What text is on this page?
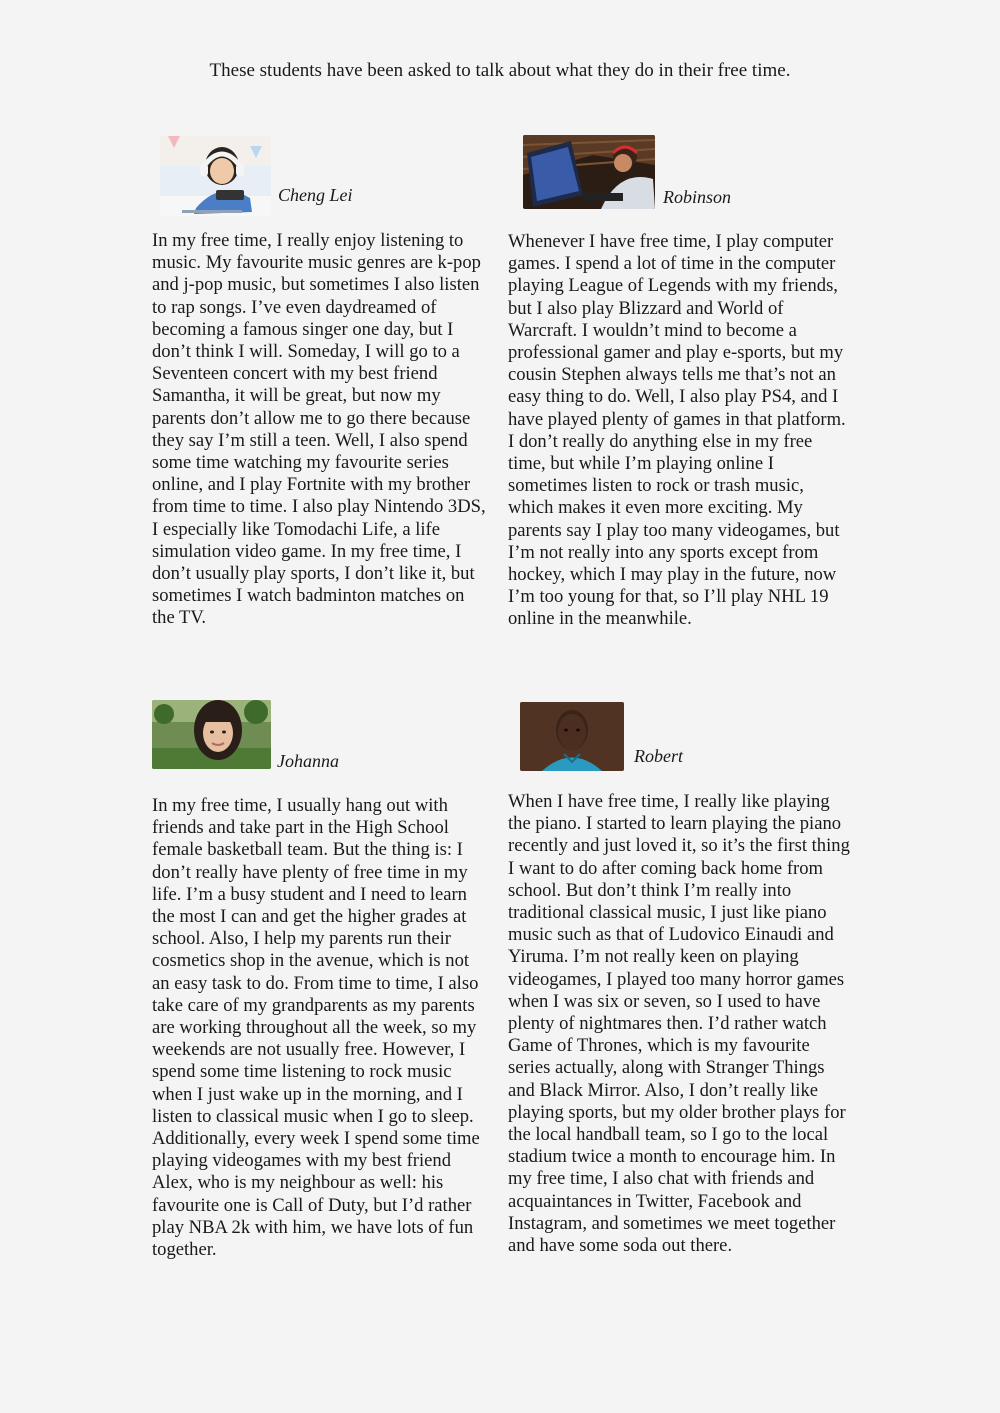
These students have been asked to talk about what they do in their free time.
Cheng Lei

In my free time, I really enjoy listening to music. My favourite music genres are k-pop and j-pop music, but sometimes I also listen to rap songs. I’ve even daydreamed of becoming a famous singer one day, but I don’t think I will. Someday, I will go to a Seventeen concert with my best friend Samantha, it will be great, but now my parents don’t allow me to go there because they say I’m still a teen. Well, I also spend some time watching my favourite series online, and I play Fortnite with my brother from time to time. I also play Nintendo 3DS, I especially like Tomodachi Life, a life simulation video game. In my free time, I don’t usually play sports, I don’t like it, but sometimes I watch badminton matches on the TV.

Robinson

Whenever I have free time, I play computer games. I spend a lot of time in the computer playing League of Legends with my friends, but I also play Blizzard and World of Warcraft. I wouldn’t mind to become a professional gamer and play e-sports, but my cousin Stephen always tells me that’s not an easy thing to do. Well, I also play PS4, and I have played plenty of games in that platform. I don’t really do anything else in my free time, but while I’m playing online I sometimes listen to rock or trash music, which makes it even more exciting. My parents say I play too many videogames, but I’m not really into any sports except from hockey, which I may play in the future, now I’m too young for that, so I’ll play NHL 19 online in the meanwhile.

Johanna

In my free time, I usually hang out with friends and take part in the High School female basketball team. But the thing is: I don’t really have plenty of free time in my life. I’m a busy student and I need to learn the most I can and get the higher grades at school. Also, I help my parents run their cosmetics shop in the avenue, which is not an easy task to do. From time to time, I also take care of my grandparents as my parents are working throughout all the week, so my weekends are not usually free. However, I spend some time listening to rock music when I just wake up in the morning, and I listen to classical music when I go to sleep. Additionally, every week I spend some time playing videogames with my best friend Alex, who is my neighbour as well: his favourite one is Call of Duty, but I’d rather play NBA 2k with him, we have lots of fun together.

Robert

When I have free time, I really like playing the piano. I started to learn playing the piano recently and just loved it, so it’s the first thing I want to do after coming back home from school. But don’t think I’m really into traditional classical music, I just like piano music such as that of Ludovico Einaudi and Yiruma. I’m not really keen on playing videogames, I played too many horror games when I was six or seven, so I used to have plenty of nightmares then. I’d rather watch Game of Thrones, which is my favourite series actually, along with Stranger Things and Black Mirror. Also, I don’t really like playing sports, but my older brother plays for the local handball team, so I go to the local stadium twice a month to encourage him. In my free time, I also chat with friends and acquaintances in Twitter, Facebook and Instagram, and sometimes we meet together and have some soda out there.
